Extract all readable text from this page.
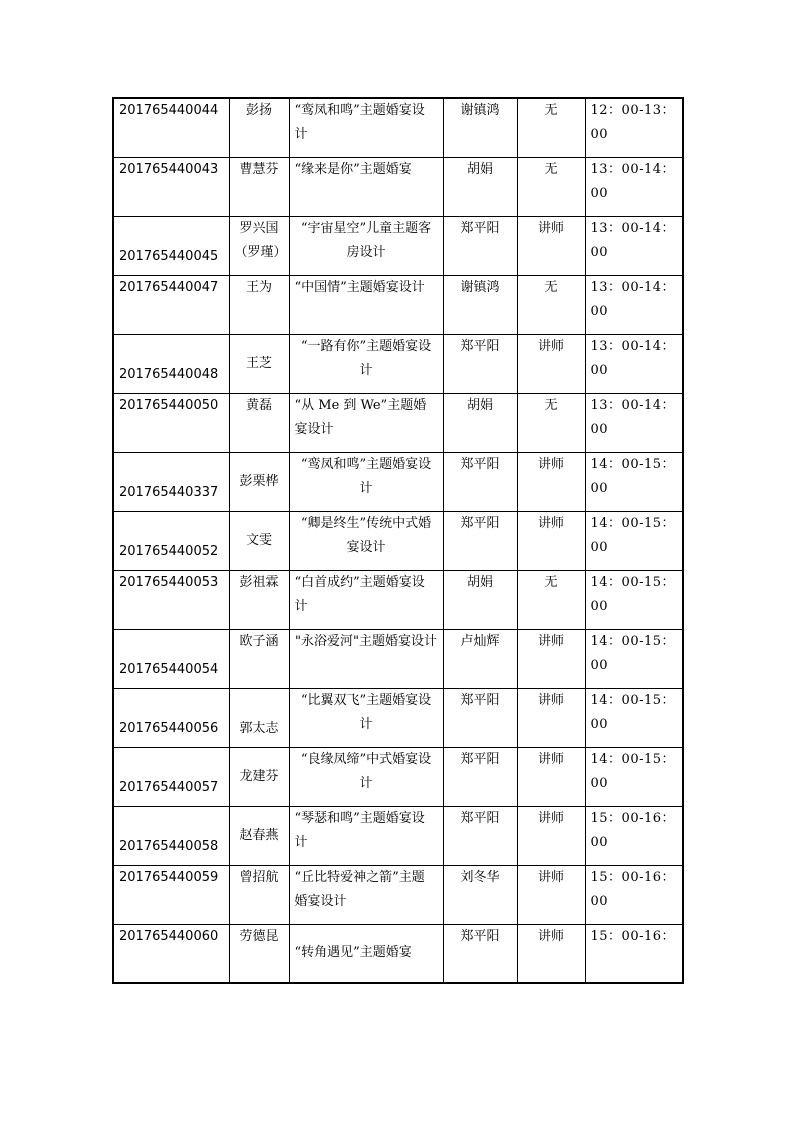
201765440044	彭扬	“鸾凤和鸣”主题婚宴设计	谢镇鸿	无	12：00-13：00
201765440043	曹慧芬	“缘来是你”主题婚宴	胡娟	无	13：00-14：00
201765440045	罗兴国（罗瑾）	“宇宙星空”儿童主题客房设计	郑平阳	讲师	13：00-14：00
201765440047	王为	“中国情”主题婚宴设计	谢镇鸿	无	13：00-14：00
201765440048	王芝	“一路有你”主题婚宴设计	郑平阳	讲师	13：00-14：00
201765440050	黄磊	“从 Me 到 We”主题婚宴设计	胡娟	无	13：00-14：00
201765440337	彭栗桦	“鸾凤和鸣”主题婚宴设计	郑平阳	讲师	14：00-15：00
201765440052	文雯	“卿是终生”传统中式婚宴设计	郑平阳	讲师	14：00-15：00
201765440053	彭祖霖	“白首成约”主题婚宴设计	胡娟	无	14：00-15：00
201765440054	欧子涵	"永浴爱河"主题婚宴设计	卢灿辉	讲师	14：00-15：00
201765440056	郭太志	“比翼双飞”主题婚宴设计	郑平阳	讲师	14：00-15：00
201765440057	龙建芬	“良缘凤缔”中式婚宴设计	郑平阳	讲师	14：00-15：00
201765440058	赵春燕	“琴瑟和鸣”主题婚宴设计	郑平阳	讲师	15：00-16：00
201765440059	曾招航	“丘比特爱神之箭”主题婚宴设计	刘冬华	讲师	15：00-16：00
201765440060	劳德昆	“转角遇见”主题婚宴	郑平阳	讲师	15：00-16：
